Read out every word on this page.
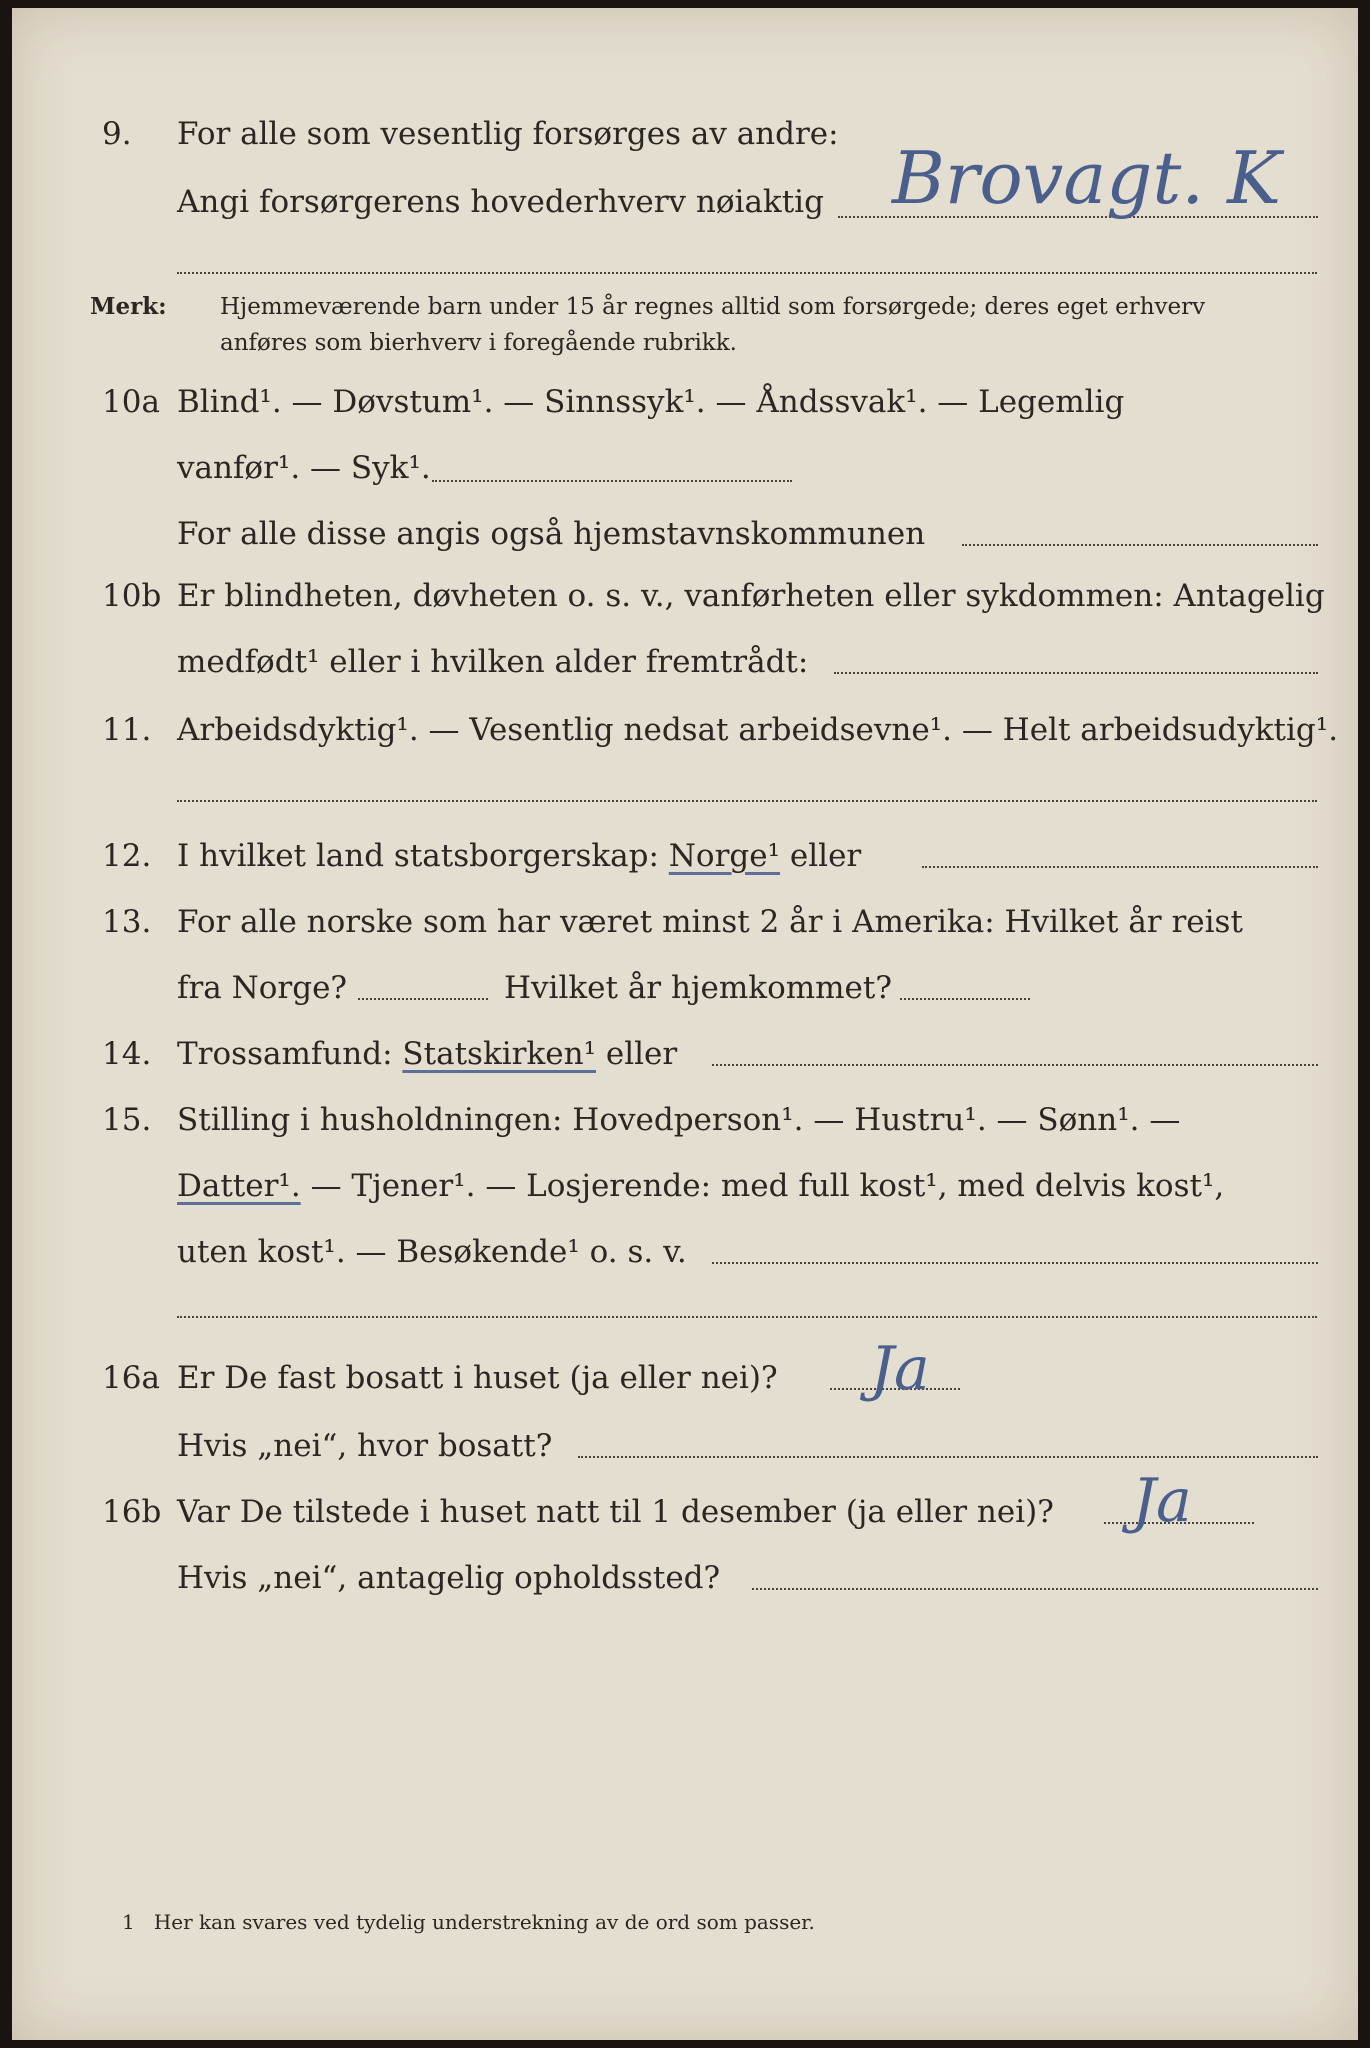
9. For alle som vesentlig forsørges av andre:
Angi forsørgerens hovederhverv nøiaktig Brovagt. K
Merk: Hjemmeværende barn under 15 år regnes alltid som forsørgede; deres eget erhverv
anføres som bierhverv i foregående rubrikk.
10a Blind¹. — Døvstum¹. — Sinnssyk¹. — Åndssvak¹. — Legemlig
vanfør¹. — Syk¹.
For alle disse angis også hjemstavnskommunen
10b Er blindheten, døvheten o. s. v., vanførheten eller sykdommen: Antagelig
medfødt¹ eller i hvilken alder fremtrådt:
11. Arbeidsdyktig¹. — Vesentlig nedsat arbeidsevne¹. — Helt arbeidsudyktig¹.
12. I hvilket land statsborgerskap: Norge¹ eller
13. For alle norske som har været minst 2 år i Amerika: Hvilket år reist
fra Norge?	Hvilket år hjemkommet?
14. Trossamfund: Statskirken¹ eller
15. Stilling i husholdningen: Hovedperson¹. — Hustru¹. — Sønn¹. —
Datter¹. — Tjener¹. — Losjerende: med full kost¹, med delvis kost¹,
uten kost¹. — Besøkende¹ o. s. v.
16a Er De fast bosatt i huset (ja eller nei)? Ja
Hvis „nei“, hvor bosatt?
16b Var De tilstede i huset natt til 1 desember (ja eller nei)? Ja
Hvis „nei“, antagelig opholdssted?
1 Her kan svares ved tydelig understrekning av de ord som passer.
